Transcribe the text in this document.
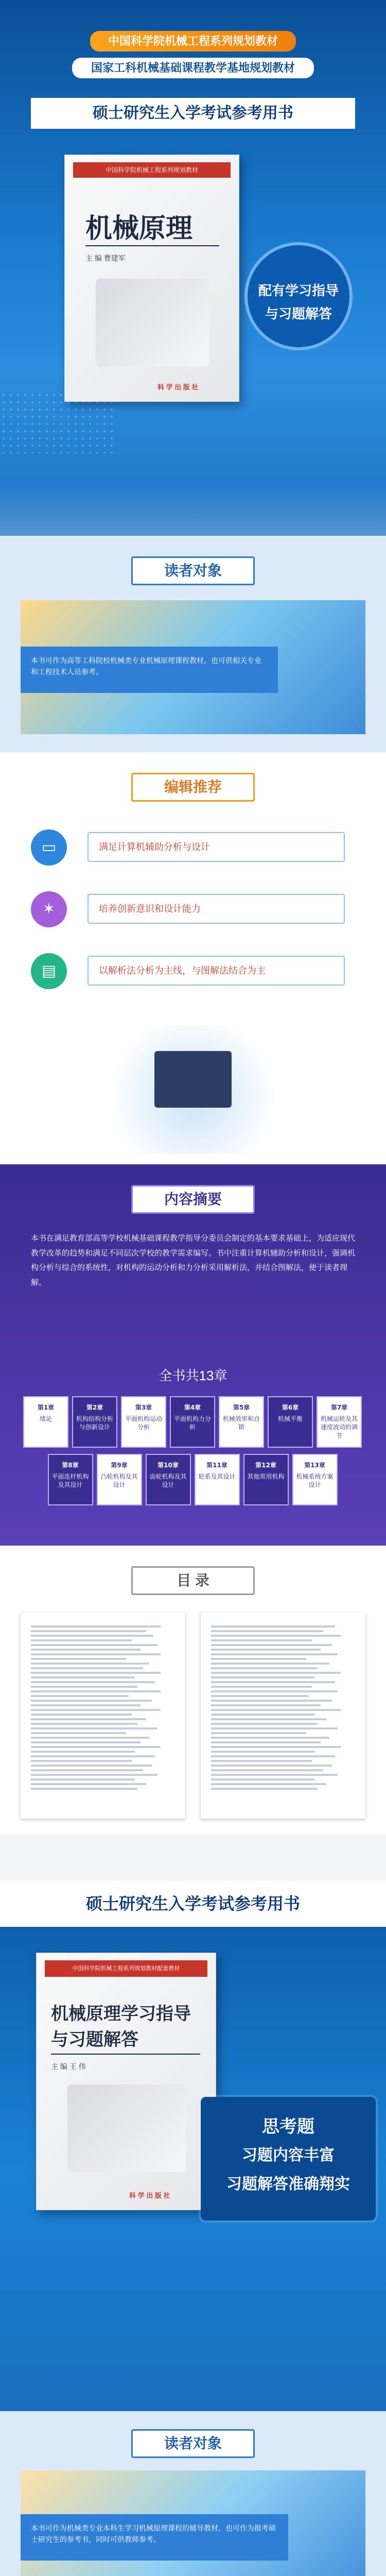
中国科学院机械工程系列规划教材
国家工科机械基础课程教学基地规划教材
硕士研究生入学考试参考用书
中国科学院机械工程系列规划教材
机械原理
主 编 曹建军
科 学 出 版 社
配有学习指导
与习题解答
读者对象
本书可作为高等工科院校机械类专业机械原理课程教材，也可供相关专业和工程技术人员参考。
编辑推荐
▭	满足计算机辅助分析与设计
✶	培养创新意识和设计能力
▤	以解析法分析为主线，与图解法结合为主
内容摘要
本书在满足教育部高等学校机械基础课程教学指导分委员会制定的基本要求基础上，为适应现代教学改革的趋势和满足不同层次学校的教学需求编写。书中注重计算机辅助分析和设计，强调机构分析与综合的系统性，对机构的运动分析和力分析采用解析法，并结合图解法，便于读者理解。
全书共13章
第1章
绪论
第2章
机构结构分析与创新设计
第3章
平面机构运动分析
第4章
平面机构力分析
第5章
机械效率和自锁
第6章
机械平衡
第7章
机械运转及其速度波动的调节
第8章
平面连杆机构及其设计
第9章
凸轮机构及其设计
第10章
齿轮机构及其设计
第11章
轮系及其设计
第12章
其他常用机构
第13章
机械系统方案设计
目 录
硕士研究生入学考试参考用书
中国科学院机械工程系列规划教材配套教材
机械原理学习指导
与习题解答
主 编 王 伟
科 学 出 版 社
思考题
习题内容丰富
习题解答准确翔实
读者对象
本书可作为机械类专业本科生学习机械原理课程的辅导教材，也可作为报考硕士研究生的参考书，同时可供教师参考。
